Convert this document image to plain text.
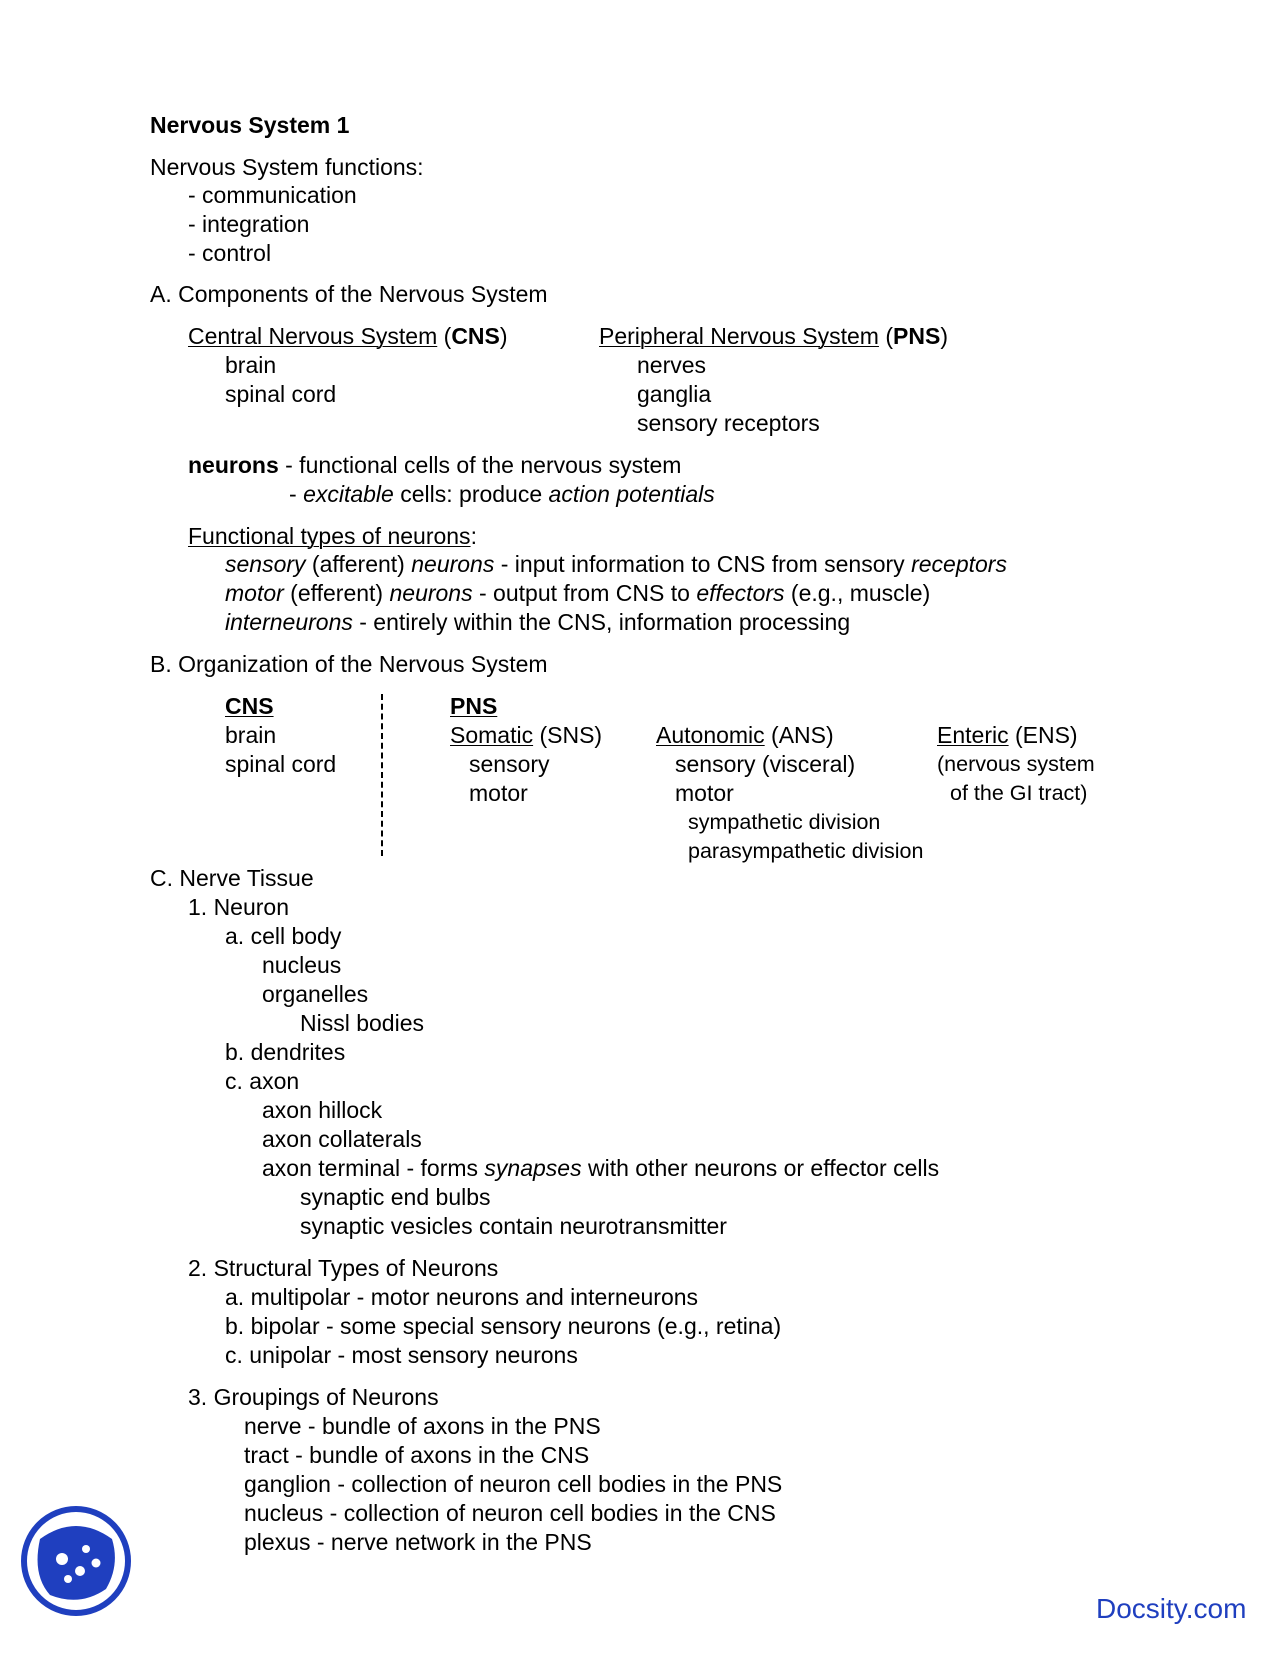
Nervous System 1
Nervous System functions:
- communication
- integration
- control
A. Components of the Nervous System
Central Nervous System (CNS)
brain
spinal cord
Peripheral Nervous System (PNS)
nerves
ganglia
sensory receptors
neurons - functional cells of the nervous system
- excitable cells: produce action potentials
Functional types of neurons:
sensory (afferent) neurons - input information to CNS from sensory receptors
motor (efferent) neurons - output from CNS to effectors (e.g., muscle)
interneurons - entirely within the CNS, information processing
B. Organization of the Nervous System
CNS
brain
spinal cord
PNS
Somatic (SNS)
sensory
motor
Autonomic (ANS)
sensory (visceral)
motor
sympathetic division
parasympathetic division
Enteric (ENS)
(nervous system
of the GI tract)
C. Nerve Tissue
1. Neuron
a. cell body
nucleus
organelles
Nissl bodies
b. dendrites
c. axon
axon hillock
axon collaterals
axon terminal - forms synapses with other neurons or effector cells
synaptic end bulbs
synaptic vesicles contain neurotransmitter
2. Structural Types of Neurons
a. multipolar - motor neurons and interneurons
b. bipolar - some special sensory neurons (e.g., retina)
c. unipolar - most sensory neurons
3. Groupings of Neurons
nerve - bundle of axons in the PNS
tract - bundle of axons in the CNS
ganglion - collection of neuron cell bodies in the PNS
nucleus - collection of neuron cell bodies in the CNS
plexus - nerve network in the PNS
Docsity.com
